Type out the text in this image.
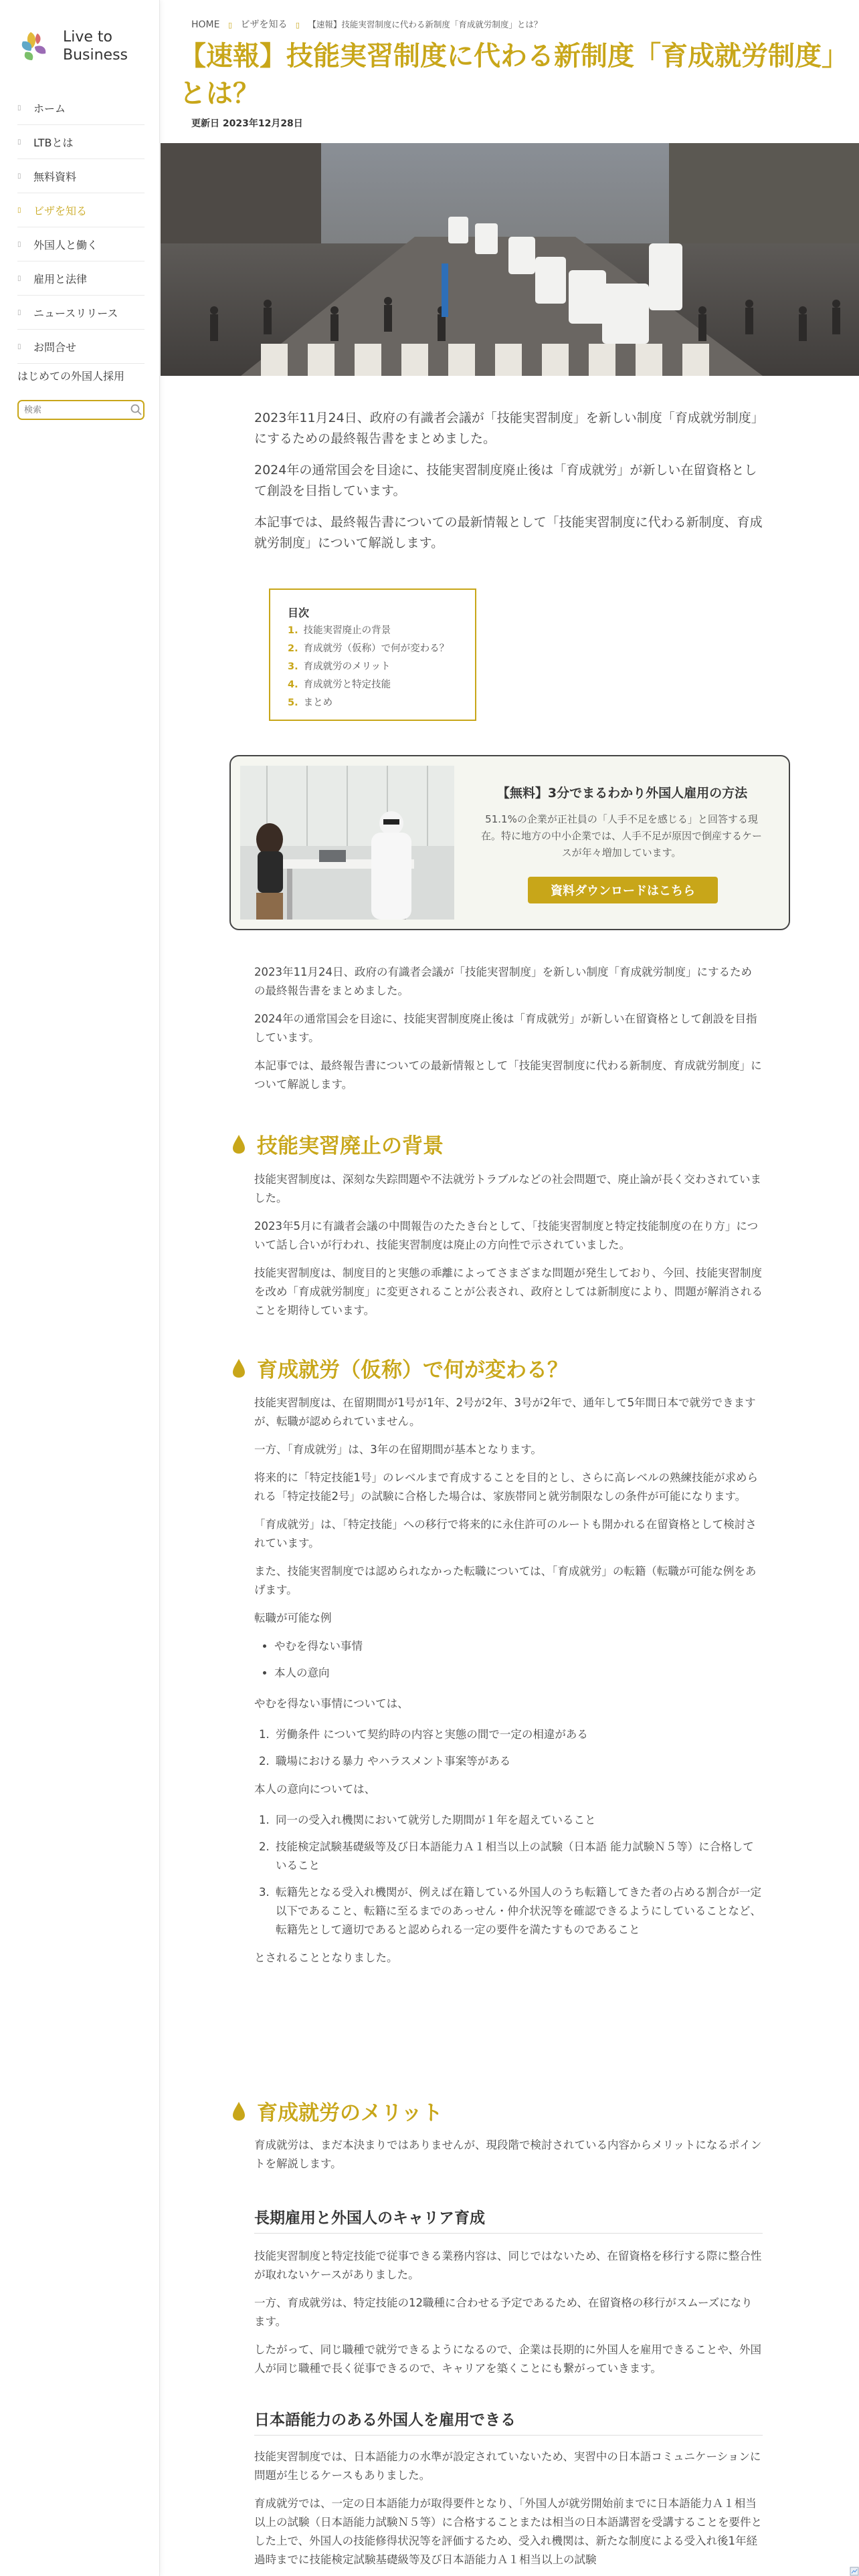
Live to
Business
▯ ホーム
▯ LTBとは
▯ 無料資料
▯ ビザを知る
▯ 外国人と働く
▯ 雇用と法律
▯ ニュースリリース
▯ お問合せ
はじめての外国人採用
検索
HOME ▯ ビザを知る ▯ 【速報】技能実習制度に代わる新制度「育成就労制度」とは？
【速報】技能実習制度に代わる新制度「育成就労制度」とは？
更新日 2023年12月28日

2023年11月24日、政府の有識者会議が「技能実習制度」を新しい制度「育成就労制度」にするための最終報告書をまとめました。

2024年の通常国会を目途に、技能実習制度廃止後は「育成就労」が新しい在留資格として創設を目指しています。

本記事では、最終報告書についての最新情報として「技能実習制度に代わる新制度、育成就労制度」について解説します。

目次
1. 技能実習廃止の背景
2. 育成就労（仮称）で何が変わる？
3. 育成就労のメリット
4. 育成就労と特定技能
5. まとめ
【無料】3分でまるわかり外国人雇用の方法
51.1%の企業が正社員の「人手不足を感じる」と回答する現在。特に地方の中小企業では、人手不足が原因で倒産するケースが年々増加しています。
資料ダウンロードはこちら

2023年11月24日、政府の有識者会議が「技能実習制度」を新しい制度「育成就労制度」にするための最終報告書をまとめました。

2024年の通常国会を目途に、技能実習制度廃止後は「育成就労」が新しい在留資格として創設を目指しています。

本記事では、最終報告書についての最新情報として「技能実習制度に代わる新制度、育成就労制度」について解説します。

技能実習廃止の背景

技能実習制度は、深刻な失踪問題や不法就労トラブルなどの社会問題で、廃止論が長く交わされていました。

2023年5月に有識者会議の中間報告のたたき台として、「技能実習制度と特定技能制度の在り方」について話し合いが行われ、技能実習制度は廃止の方向性で示されていました。

技能実習制度は、制度目的と実態の乖離によってさまざまな問題が発生しており、今回、技能実習制度を改め「育成就労制度」に変更されることが公表され、政府としては新制度により、問題が解消されることを期待しています。

育成就労（仮称）で何が変わる？

技能実習制度は、在留期間が1号が1年、2号が2年、3号が2年で、通年して5年間日本で就労できますが、転職が認められていません。

一方、「育成就労」は、3年の在留期間が基本となります。

将来的に「特定技能1号」のレベルまで育成することを目的とし、さらに高レベルの熟練技能が求められる「特定技能2号」の試験に合格した場合は、家族帯同と就労制限なしの条件が可能になります。

「育成就労」は、「特定技能」への移行で将来的に永住許可のルートも開かれる在留資格として検討されています。

また、技能実習制度では認められなかった転職については、「育成就労」の転籍（転職が可能な例をあげます。

転職が可能な例

• やむを得ない事情
• 本人の意向

やむを得ない事情については、

1. 労働条件 について契約時の内容と実態の間で一定の相違がある
2. 職場における暴力 やハラスメント事案等がある

本人の意向については、

1. 同一の受入れ機関において就労した期間が１年を超えていること
2. 技能検定試験基礎級等及び日本語能力Ａ１相当以上の試験（日本語 能力試験Ｎ５等）に合格していること
3. 転籍先となる受入れ機関が、例えば在籍している外国人のうち転籍してきた者の占める割合が一定以下であること、転籍に至るまでのあっせん・仲介状況等を確認できるようにしていることなど、転籍先として適切であると認められる一定の要件を満たすものであること

とされることとなりました。

育成就労のメリット

育成就労は、まだ本決まりではありませんが、現段階で検討されている内容からメリットになるポイントを解説します。

長期雇用と外国人のキャリア育成

技能実習制度と特定技能で従事できる業務内容は、同じではないため、在留資格を移行する際に整合性が取れないケースがありました。

一方、育成就労は、特定技能の12職種に合わせる予定であるため、在留資格の移行がスムーズになります。

したがって、同じ職種で就労できるようになるので、企業は長期的に外国人を雇用できることや、外国人が同じ職種で長く従事できるので、キャリアを築くことにも繋がっていきます。

日本語能力のある外国人を雇用できる

技能実習制度では、日本語能力の水準が設定されていないため、実習中の日本語コミュニケーションに問題が生じるケースもありました。

育成就労では、一定の日本語能力が取得要件となり、「外国人が就労開始前までに日本語能力Ａ１相当以上の試験（日本語能力試験Ｎ５等）に合格することまたは相当の日本語講習を受講することを要件とした上で、外国人の技能修得状況等を評価するため、受入れ機関は、新たな制度による受入れ後1年経過時までに技能検定試験基礎級等及び日本語能力Ａ１相当以上の試験
